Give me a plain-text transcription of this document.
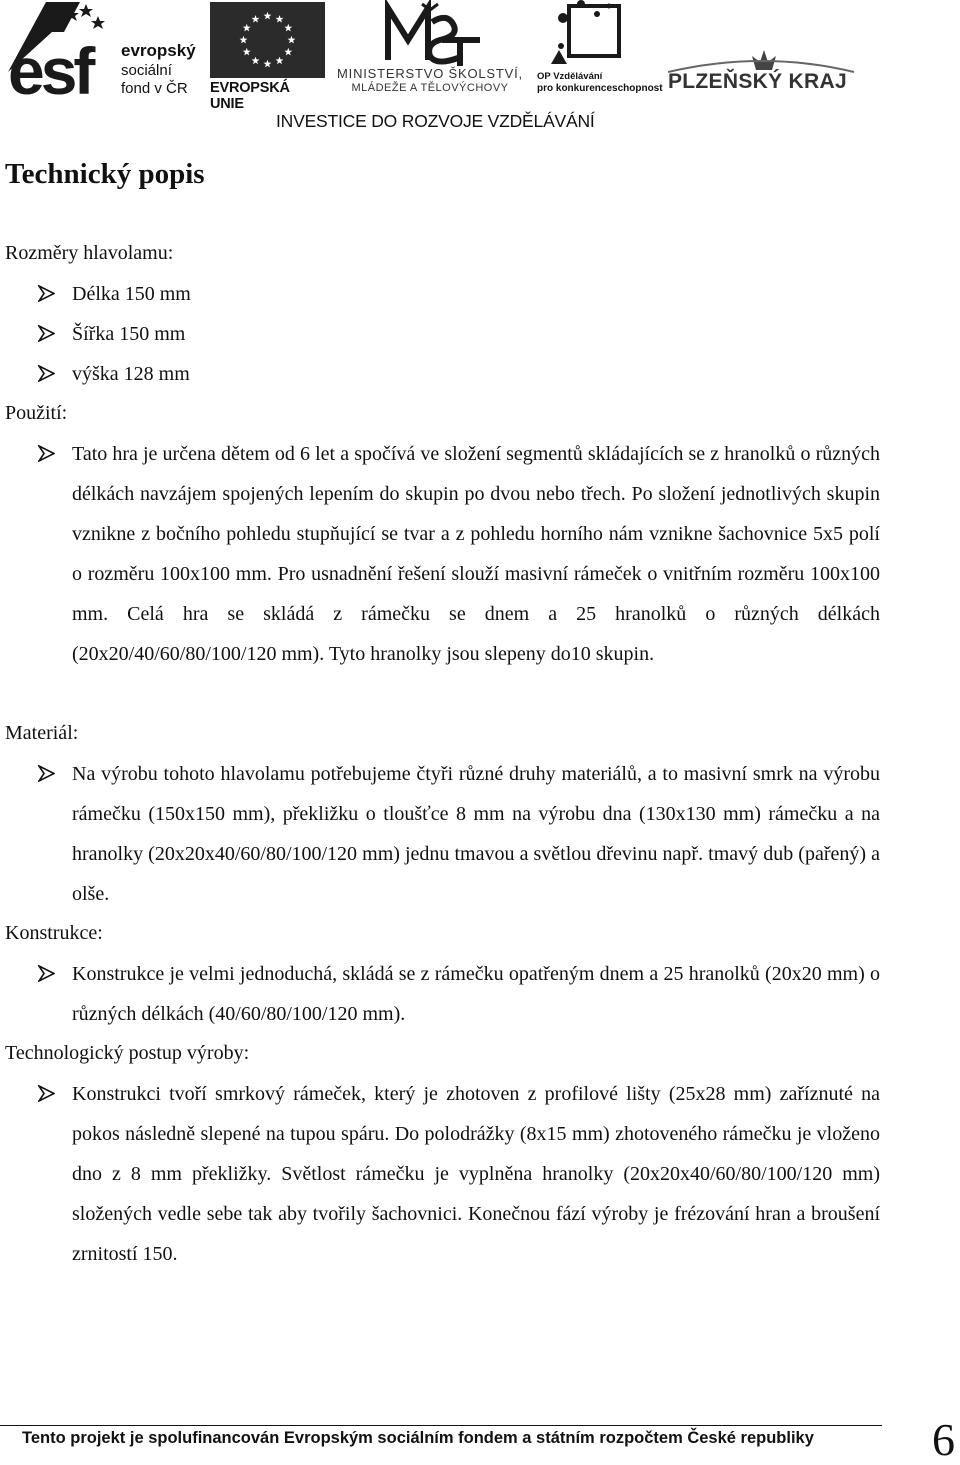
esf evropský
sociální
fond v ČR EVROPSKÁ UNIE
MINISTERSTVO ŠKOLSTVÍ,
MLÁDEŽE A TĚLOVÝCHOVY
OP Vzdělávání
pro konkurenceschopnost PLZEŇSKÝ KRAJ
INVESTICE DO ROZVOJE VZDĚLÁVÁNÍ
Technický popis
Rozměry hlavolamu:
Délka 150 mm
Šířka 150 mm
výška 128 mm
Použití:
Tato hra je určena dětem od 6 let a spočívá ve složení segmentů skládajících se z hranolků o různých délkách navzájem spojených lepením do skupin po dvou nebo třech. Po složení jednotlivých skupin vznikne z bočního pohledu stupňující se tvar a z pohledu horního nám vznikne šachovnice 5x5 polí o rozměru 100x100 mm. Pro usnadnění řešení slouží masivní rámeček o vnitřním rozměru 100x100 mm. Celá hra se skládá z rámečku se dnem a 25 hranolků o různých délkách (20x20/40/60/80/100/120 mm). Tyto hranolky jsou slepeny do10 skupin.
Materiál:
Na výrobu tohoto hlavolamu potřebujeme čtyři různé druhy materiálů, a to masivní smrk na výrobu rámečku (150x150 mm), překližku o tloušťce 8 mm na výrobu dna (130x130 mm) rámečku a na hranolky (20x20x40/60/80/100/120 mm) jednu tmavou a světlou dřevinu např. tmavý dub (pařený) a olše.
Konstrukce:
Konstrukce je velmi jednoduchá, skládá se z rámečku opatřeným dnem a 25 hranolků (20x20 mm) o různých délkách (40/60/80/100/120 mm).
Technologický postup výroby:
Konstrukci tvoří smrkový rámeček, který je zhotoven z profilové lišty (25x28 mm) zaříznuté na pokos následně slepené na tupou spáru. Do polodrážky (8x15 mm) zhotoveného rámečku je vloženo dno z 8 mm překližky. Světlost rámečku je vyplněna hranolky (20x20x40/60/80/100/120 mm) složených vedle sebe tak aby tvořily šachovnici. Konečnou fází výroby je frézování hran a broušení zrnitostí 150.
Tento projekt je spolufinancován Evropským sociálním fondem a státním rozpočtem České republiky	6
